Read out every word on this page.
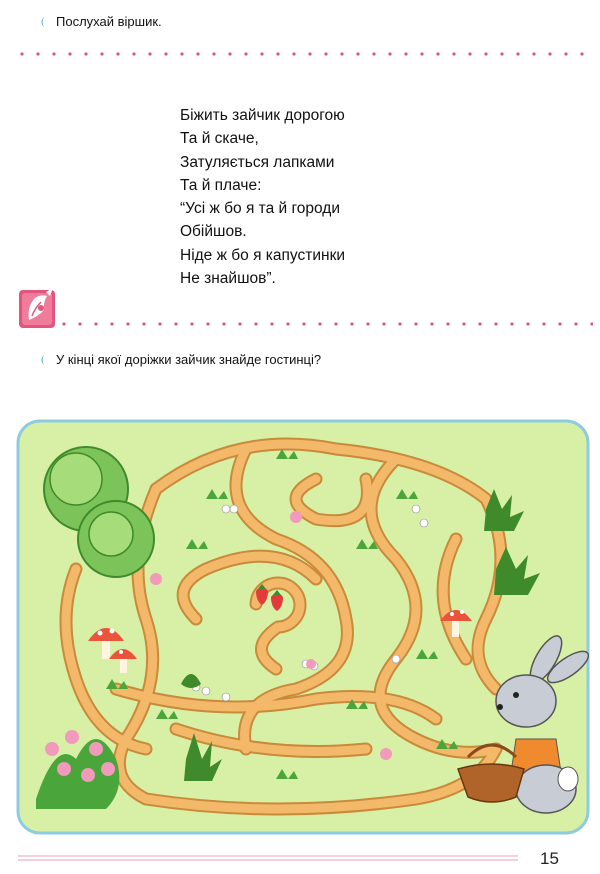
Послухай віршик.
Біжить зайчик дорогою
Та й скаче,
Затуляється лапками
Та й плаче:
“Усі ж бо я та й городи
Обійшов.
Ніде ж бо я капустинки
Не знайшов”.
У кінці якої доріжки зайчик знайде гостинці?
15
